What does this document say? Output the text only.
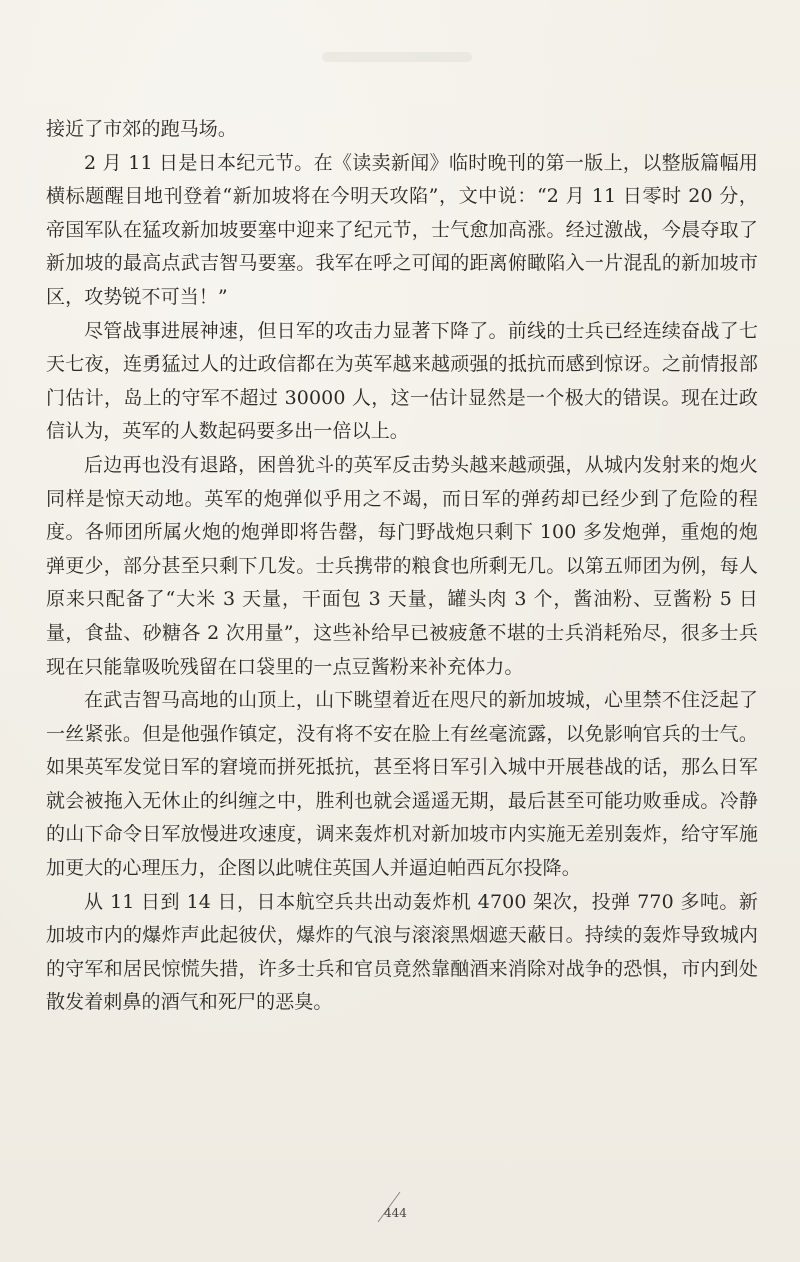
接近了市郊的跑马场。

2 月 11 日是日本纪元节。在《读卖新闻》临时晚刊的第一版上，以整版篇幅用横标题醒目地刊登着“新加坡将在今明天攻陷”，文中说：“2 月 11 日零时 20 分，帝国军队在猛攻新加坡要塞中迎来了纪元节，士气愈加高涨。经过激战，今晨夺取了新加坡的最高点武吉智马要塞。我军在呼之可闻的距离俯瞰陷入一片混乱的新加坡市区，攻势锐不可当！”

尽管战事进展神速，但日军的攻击力显著下降了。前线的士兵已经连续奋战了七天七夜，连勇猛过人的辻政信都在为英军越来越顽强的抵抗而感到惊讶。之前情报部门估计，岛上的守军不超过 30000 人，这一估计显然是一个极大的错误。现在辻政信认为，英军的人数起码要多出一倍以上。

后边再也没有退路，困兽犹斗的英军反击势头越来越顽强，从城内发射来的炮火同样是惊天动地。英军的炮弹似乎用之不竭，而日军的弹药却已经少到了危险的程度。各师团所属火炮的炮弹即将告罄，每门野战炮只剩下 100 多发炮弹，重炮的炮弹更少，部分甚至只剩下几发。士兵携带的粮食也所剩无几。以第五师团为例，每人原来只配备了“大米 3 天量，干面包 3 天量，罐头肉 3 个，酱油粉、豆酱粉 5 日量，食盐、砂糖各 2 次用量”，这些补给早已被疲惫不堪的士兵消耗殆尽，很多士兵现在只能靠吸吮残留在口袋里的一点豆酱粉来补充体力。

在武吉智马高地的山顶上，山下眺望着近在咫尺的新加坡城，心里禁不住泛起了一丝紧张。但是他强作镇定，没有将不安在脸上有丝毫流露，以免影响官兵的士气。如果英军发觉日军的窘境而拼死抵抗，甚至将日军引入城中开展巷战的话，那么日军就会被拖入无休止的纠缠之中，胜利也就会遥遥无期，最后甚至可能功败垂成。冷静的山下命令日军放慢进攻速度，调来轰炸机对新加坡市内实施无差别轰炸，给守军施加更大的心理压力，企图以此唬住英国人并逼迫帕西瓦尔投降。

从 11 日到 14 日，日本航空兵共出动轰炸机 4700 架次，投弹 770 多吨。新加坡市内的爆炸声此起彼伏，爆炸的气浪与滚滚黑烟遮天蔽日。持续的轰炸导致城内的守军和居民惊慌失措，许多士兵和官员竟然靠酗酒来消除对战争的恐惧，市内到处散发着刺鼻的酒气和死尸的恶臭。

444
